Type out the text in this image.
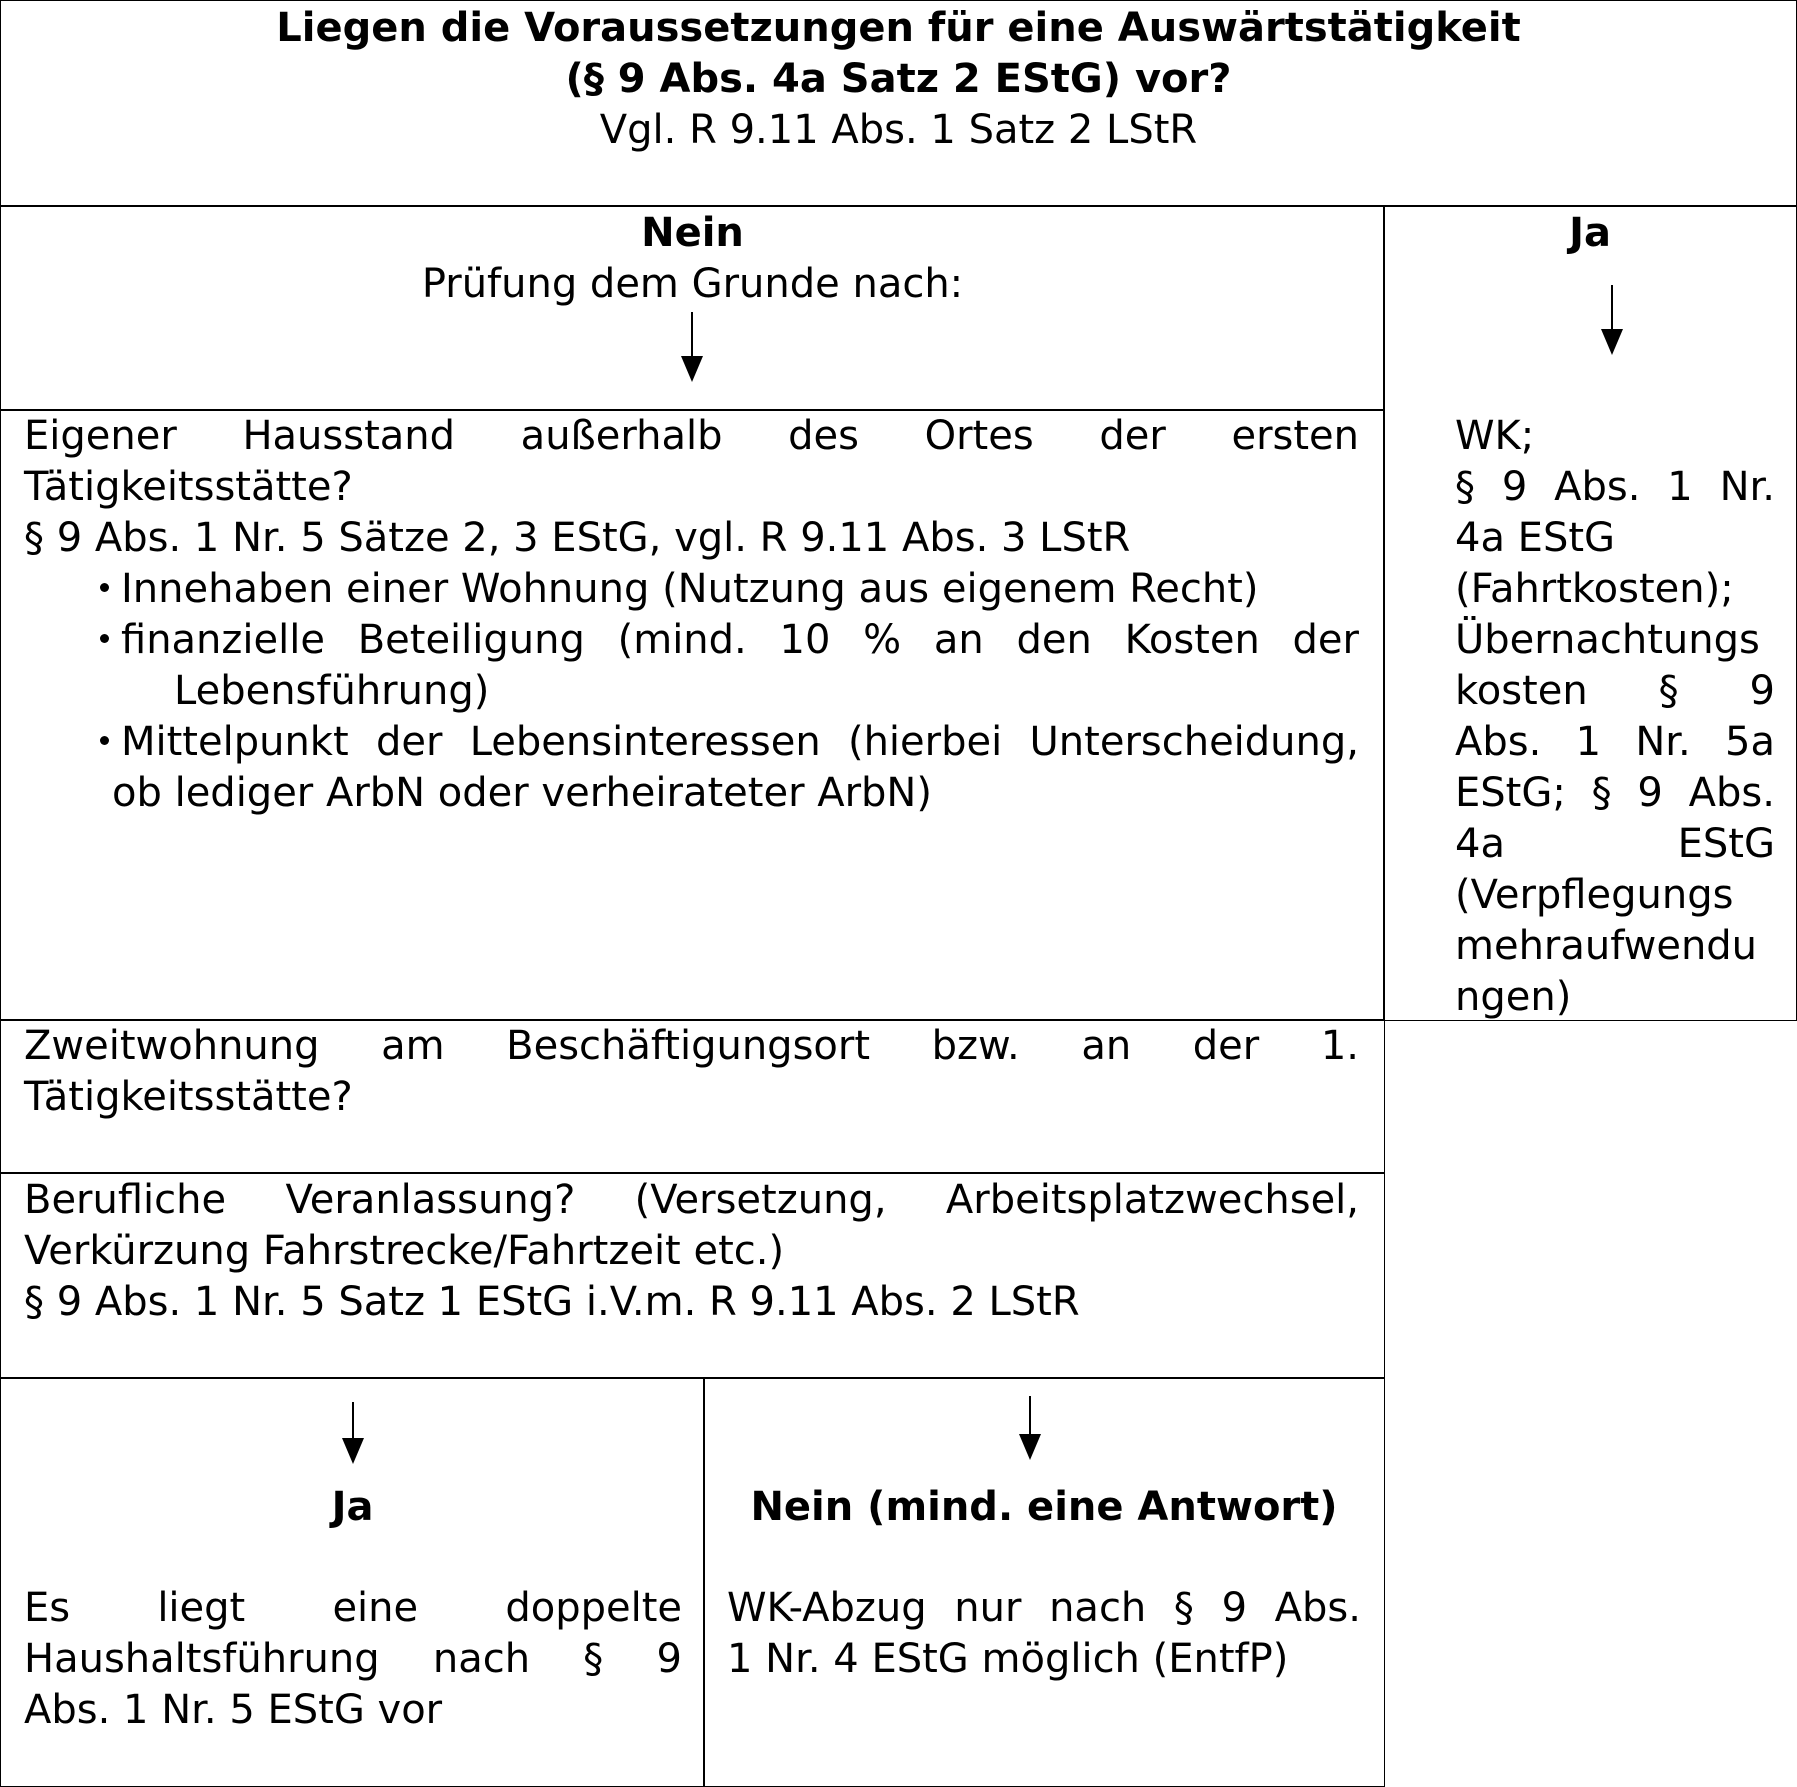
Liegen die Voraussetzungen für eine Auswärtstätigkeit
(§ 9 Abs. 4a Satz 2 EStG) vor?
Vgl. R 9.11 Abs. 1 Satz 2 LStR
Nein
Prüfung dem Grunde nach:
Ja
WK;
§ 9 Abs. 1 Nr.
4a EStG
(Fahrtkosten);
Übernachtungs
kosten § 9
Abs. 1 Nr. 5a
EStG; § 9 Abs.
4a EStG
(Verpflegungs
mehraufwendu
ngen)
Eigener Hausstand außerhalb des Ortes der ersten
Tätigkeitsstätte?
§ 9 Abs. 1 Nr. 5 Sätze 2, 3 EStG, vgl. R 9.11 Abs. 3 LStR
Innehaben einer Wohnung (Nutzung aus eigenem Recht)
finanzielle Beteiligung (mind. 10 % an den Kosten der
Lebensführung)
Mittelpunkt der Lebensinteressen (hierbei Unterscheidung,
ob lediger ArbN oder verheirateter ArbN)
Zweitwohnung am Beschäftigungsort bzw. an der 1.
Tätigkeitsstätte?
Berufliche Veranlassung? (Versetzung, Arbeitsplatzwechsel,
Verkürzung Fahrstrecke/Fahrtzeit etc.)
§ 9 Abs. 1 Nr. 5 Satz 1 EStG i.V.m. R 9.11 Abs. 2 LStR
Ja
Es liegt eine doppelte
Haushaltsführung nach § 9
Abs. 1 Nr. 5 EStG vor
Nein (mind. eine Antwort)
WK-Abzug nur nach § 9 Abs.
1 Nr. 4 EStG möglich (EntfP)
